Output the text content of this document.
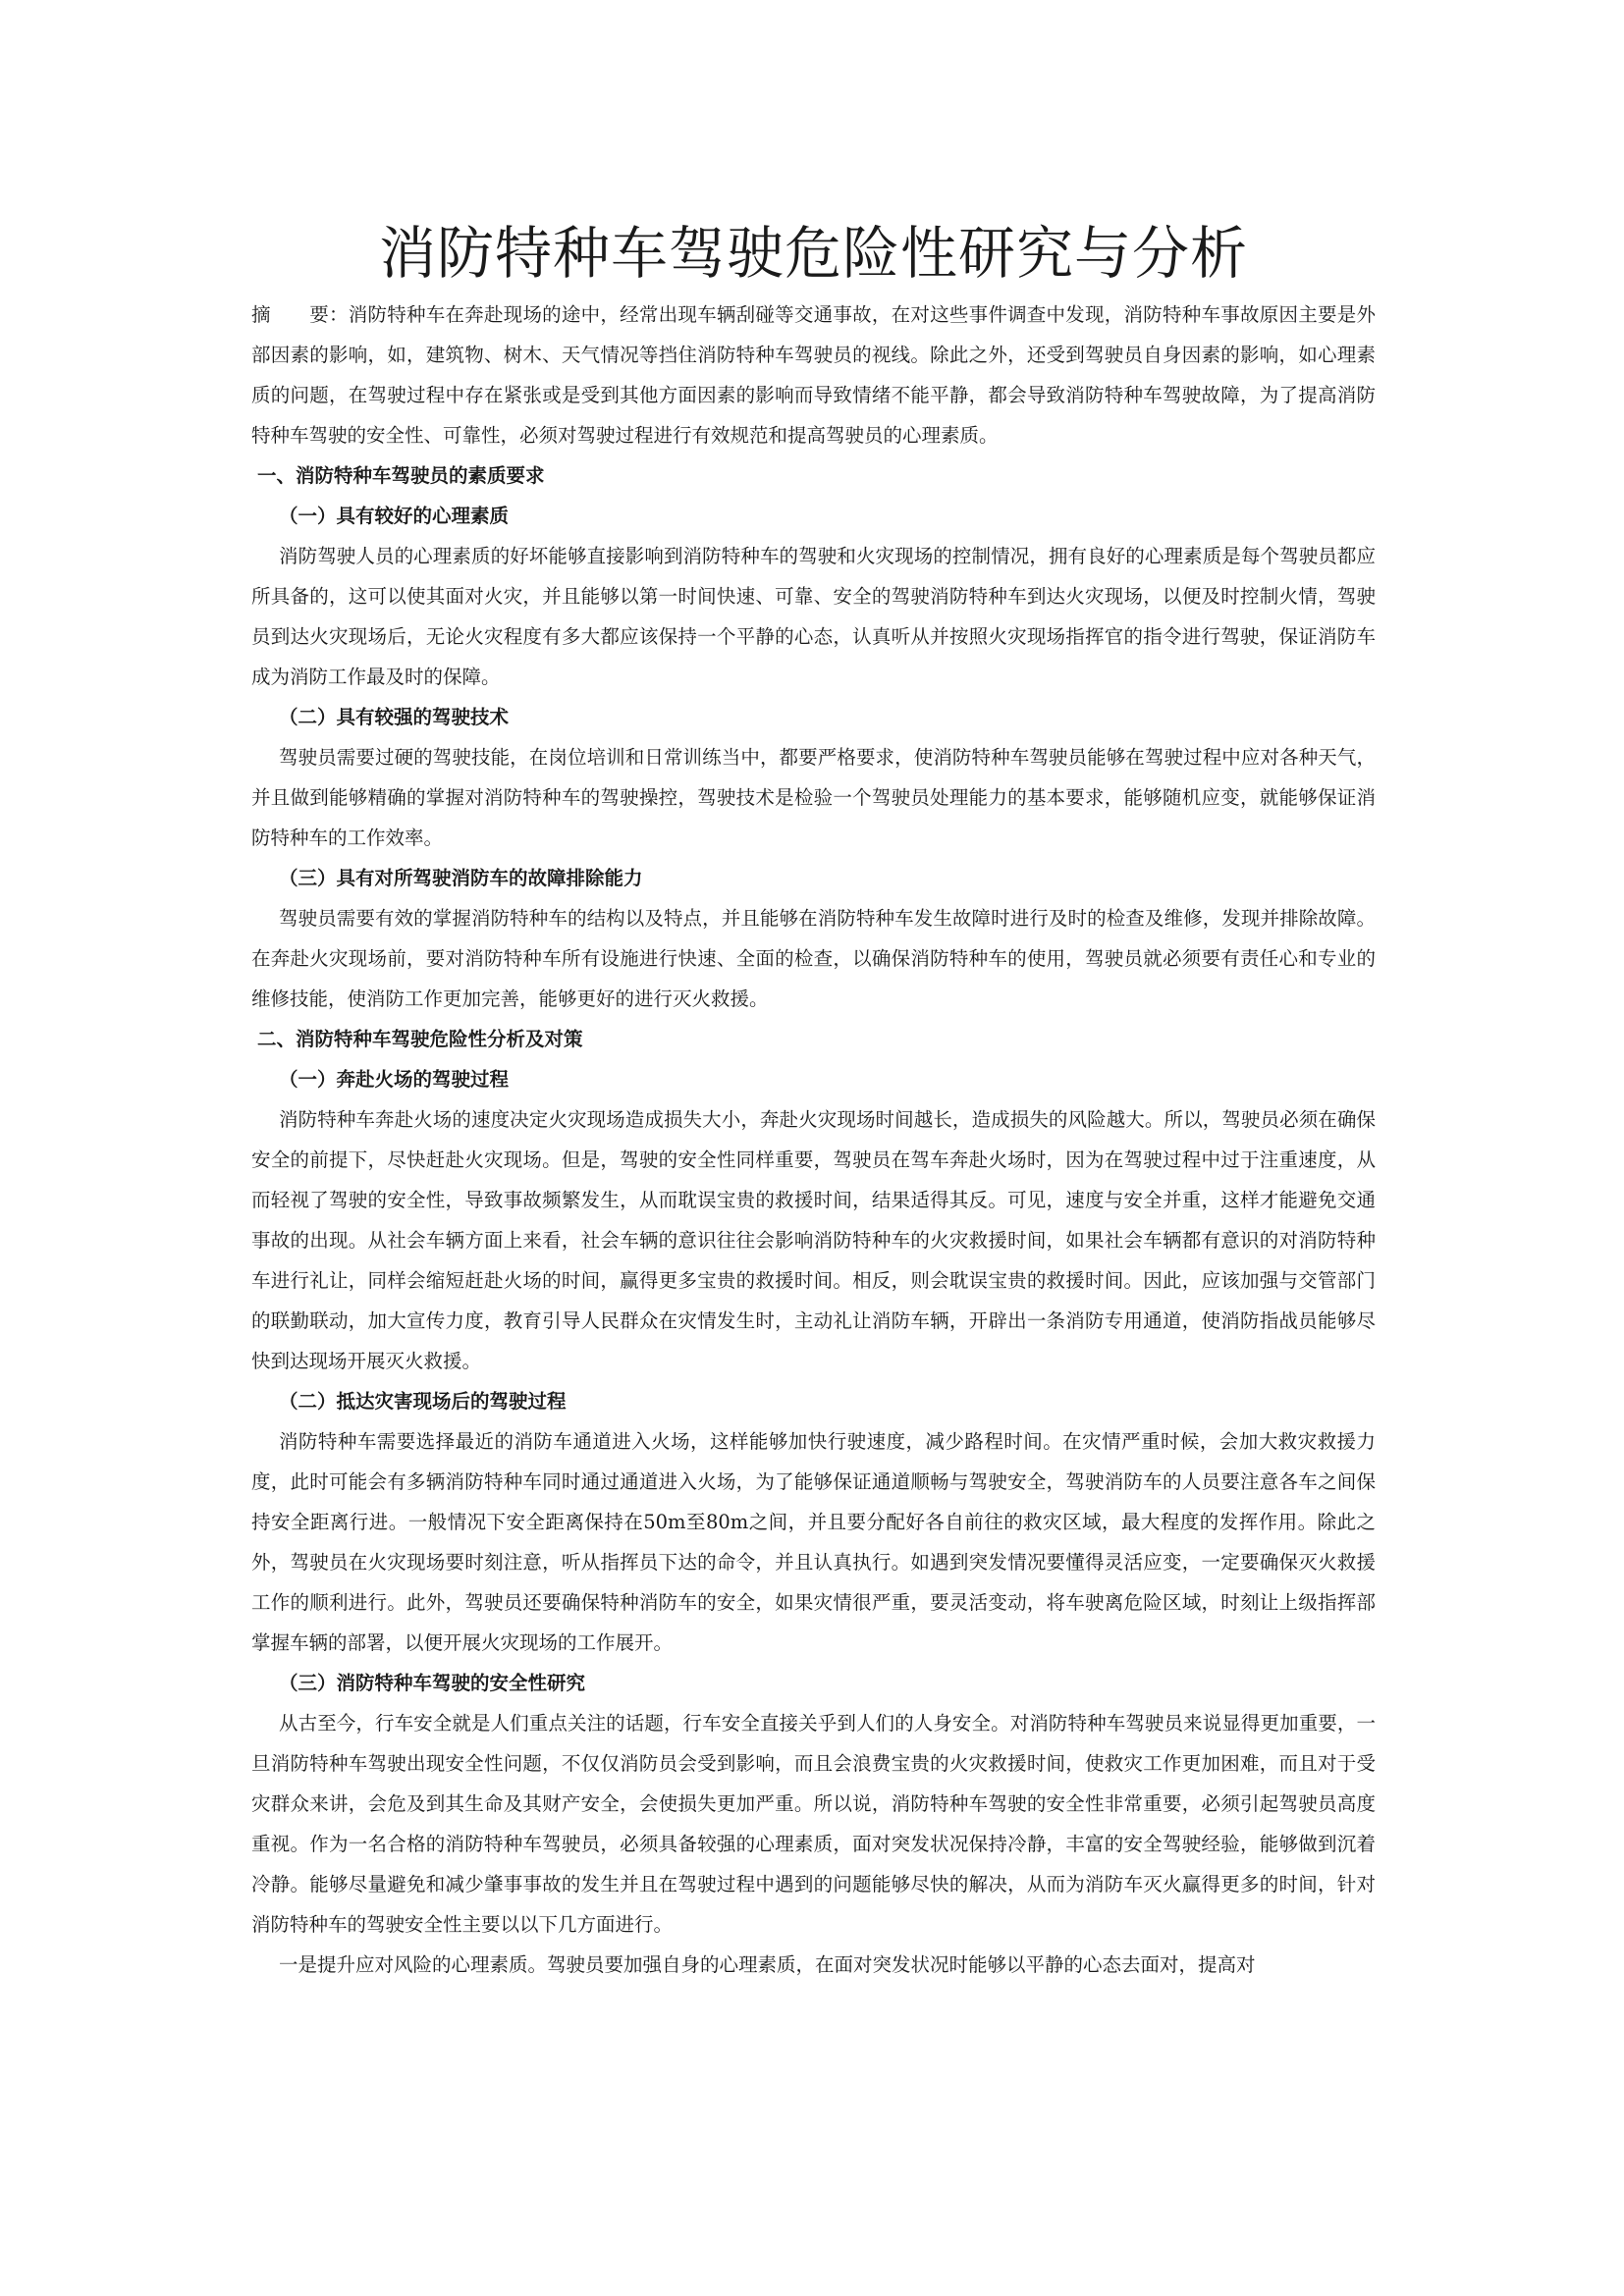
消防特种车驾驶危险性研究与分析

摘　　要：消防特种车在奔赴现场的途中，经常出现车辆刮碰等交通事故，在对这些事件调查中发现，消防特种车事故原因主要是外部因素的影响，如，建筑物、树木、天气情况等挡住消防特种车驾驶员的视线。除此之外，还受到驾驶员自身因素的影响，如心理素质的问题，在驾驶过程中存在紧张或是受到其他方面因素的影响而导致情绪不能平静，都会导致消防特种车驾驶故障，为了提高消防特种车驾驶的安全性、可靠性，必须对驾驶过程进行有效规范和提高驾驶员的心理素质。

一、消防特种车驾驶员的素质要求
（一）具有较好的心理素质

消防驾驶人员的心理素质的好坏能够直接影响到消防特种车的驾驶和火灾现场的控制情况，拥有良好的心理素质是每个驾驶员都应所具备的，这可以使其面对火灾，并且能够以第一时间快速、可靠、安全的驾驶消防特种车到达火灾现场，以便及时控制火情，驾驶员到达火灾现场后，无论火灾程度有多大都应该保持一个平静的心态，认真听从并按照火灾现场指挥官的指令进行驾驶，保证消防车成为消防工作最及时的保障。

（二）具有较强的驾驶技术

驾驶员需要过硬的驾驶技能，在岗位培训和日常训练当中，都要严格要求，使消防特种车驾驶员能够在驾驶过程中应对各种天气，并且做到能够精确的掌握对消防特种车的驾驶操控，驾驶技术是检验一个驾驶员处理能力的基本要求，能够随机应变，就能够保证消防特种车的工作效率。

（三）具有对所驾驶消防车的故障排除能力

驾驶员需要有效的掌握消防特种车的结构以及特点，并且能够在消防特种车发生故障时进行及时的检查及维修，发现并排除故障。在奔赴火灾现场前，要对消防特种车所有设施进行快速、全面的检查，以确保消防特种车的使用，驾驶员就必须要有责任心和专业的维修技能，使消防工作更加完善，能够更好的进行灭火救援。

二、消防特种车驾驶危险性分析及对策
（一）奔赴火场的驾驶过程

消防特种车奔赴火场的速度决定火灾现场造成损失大小，奔赴火灾现场时间越长，造成损失的风险越大。所以，驾驶员必须在确保安全的前提下，尽快赶赴火灾现场。但是，驾驶的安全性同样重要，驾驶员在驾车奔赴火场时，因为在驾驶过程中过于注重速度，从而轻视了驾驶的安全性，导致事故频繁发生，从而耽误宝贵的救援时间，结果适得其反。可见，速度与安全并重，这样才能避免交通事故的出现。从社会车辆方面上来看，社会车辆的意识往往会影响消防特种车的火灾救援时间，如果社会车辆都有意识的对消防特种车进行礼让，同样会缩短赶赴火场的时间，赢得更多宝贵的救援时间。相反，则会耽误宝贵的救援时间。因此，应该加强与交管部门的联勤联动，加大宣传力度，教育引导人民群众在灾情发生时，主动礼让消防车辆，开辟出一条消防专用通道，使消防指战员能够尽快到达现场开展灭火救援。

（二）抵达灾害现场后的驾驶过程

消防特种车需要选择最近的消防车通道进入火场，这样能够加快行驶速度，减少路程时间。在灾情严重时候，会加大救灾救援力度，此时可能会有多辆消防特种车同时通过通道进入火场，为了能够保证通道顺畅与驾驶安全，驾驶消防车的人员要注意各车之间保持安全距离行进。一般情况下安全距离保持在50m至80m之间，并且要分配好各自前往的救灾区域，最大程度的发挥作用。除此之外，驾驶员在火灾现场要时刻注意，听从指挥员下达的命令，并且认真执行。如遇到突发情况要懂得灵活应变，一定要确保灭火救援工作的顺利进行。此外，驾驶员还要确保特种消防车的安全，如果灾情很严重，要灵活变动，将车驶离危险区域，时刻让上级指挥部掌握车辆的部署，以便开展火灾现场的工作展开。

（三）消防特种车驾驶的安全性研究

从古至今，行车安全就是人们重点关注的话题，行车安全直接关乎到人们的人身安全。对消防特种车驾驶员来说显得更加重要，一旦消防特种车驾驶出现安全性问题，不仅仅消防员会受到影响，而且会浪费宝贵的火灾救援时间，使救灾工作更加困难，而且对于受灾群众来讲，会危及到其生命及其财产安全，会使损失更加严重。所以说，消防特种车驾驶的安全性非常重要，必须引起驾驶员高度重视。作为一名合格的消防特种车驾驶员，必须具备较强的心理素质，面对突发状况保持冷静，丰富的安全驾驶经验，能够做到沉着冷静。能够尽量避免和减少肇事事故的发生并且在驾驶过程中遇到的问题能够尽快的解决，从而为消防车灭火赢得更多的时间，针对消防特种车的驾驶安全性主要以以下几方面进行。

一是提升应对风险的心理素质。驾驶员要加强自身的心理素质，在面对突发状况时能够以平静的心态去面对，提高对
